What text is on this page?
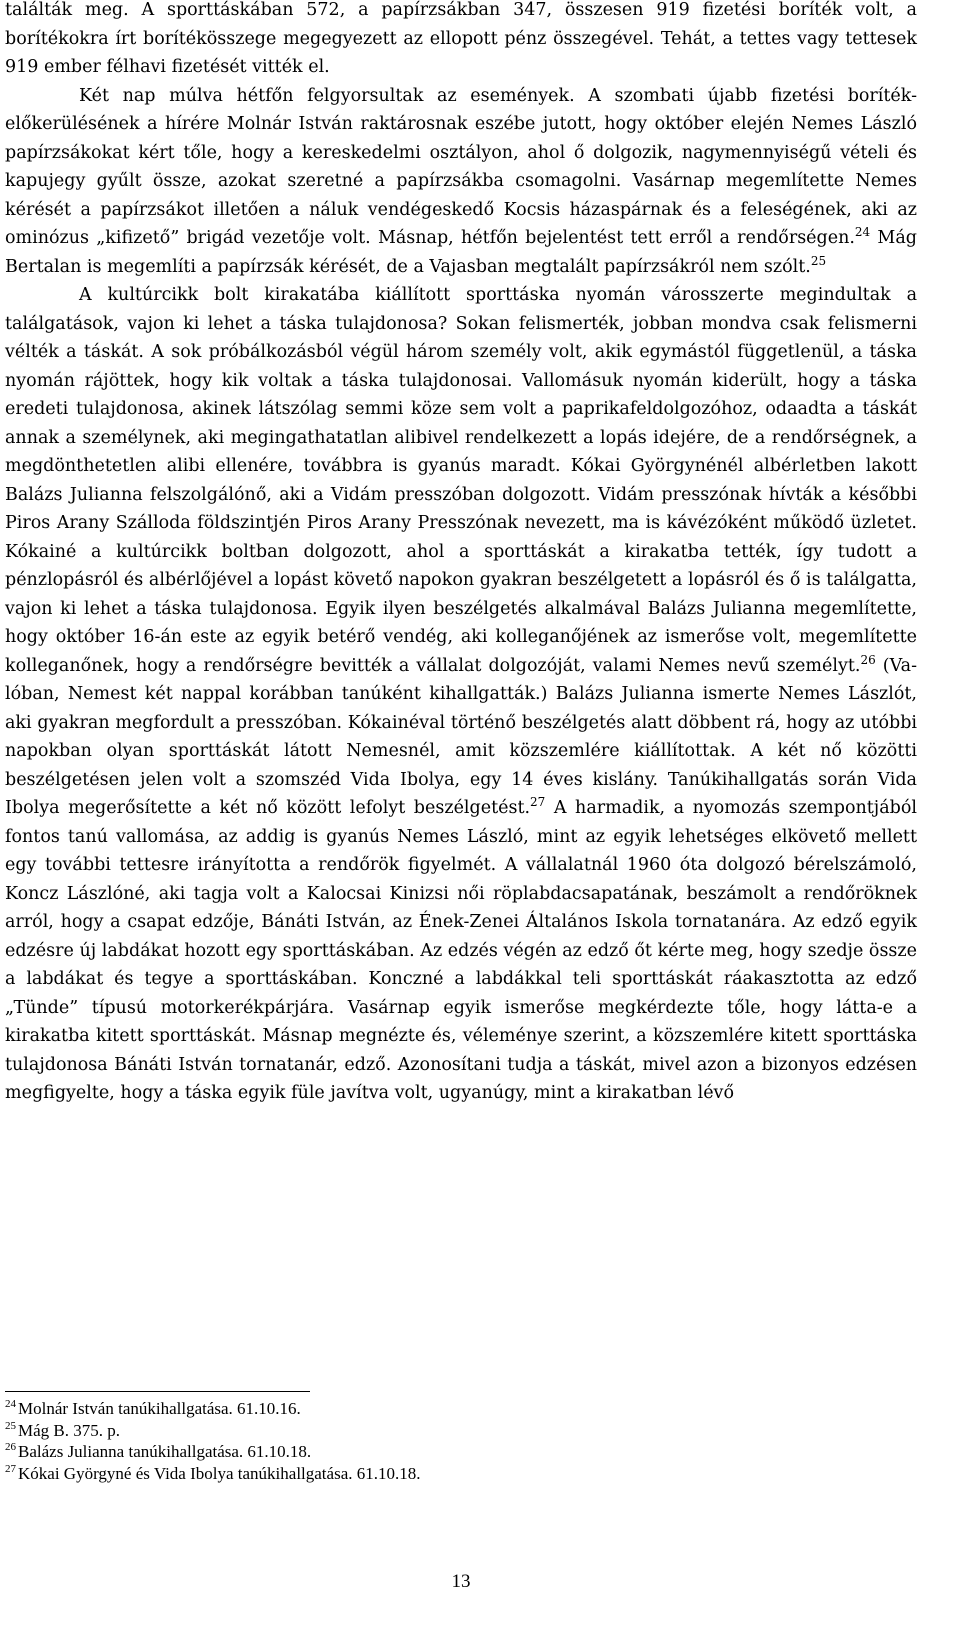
találták meg. A sporttáskában 572, a papírzsákban 347, összesen 919 fizetési boríték volt, a borítékokra írt borítékösszege megegyezett az ellopott pénz összegével. Tehát, a tettes vagy tettesek 919 ember félhavi fizetését vitték el.

Két nap múlva hétfőn felgyorsultak az események. A szombati újabb fizetési boríték-előkerülésének a hírére Molnár István raktárosnak eszébe jutott, hogy október elején Nemes László papírzsákokat kért tőle, hogy a kereskedelmi osztályon, ahol ő dolgozik, nagymennyiségű vételi és kapujegy gyűlt össze, azokat szeretné a papírzsákba csomagolni. Vasárnap megemlítette Nemes kérését a papírzsákot illetően a náluk vendégeskedő Kocsis házaspárnak és a feleségének, aki az ominózus „kifizető” brigád vezetője volt. Másnap, hétfőn bejelentést tett erről a rendőrségen.$^{24}$ Mág Bertalan is megemlíti a papírzsák kérését, de a Vajasban megtalált papírzsákról nem szólt.$^{25}$

A kultúrcikk bolt kirakatába kiállított sporttáska nyomán városszerte megindultak a találgatások, vajon ki lehet a táska tulajdonosa? Sokan felismerték, jobban mondva csak felismerni vélték a táskát. A sok próbálkozásból végül három személy volt, akik egymástól függetlenül, a táska nyomán rájöttek, hogy kik voltak a táska tulajdonosai. Vallomásuk nyomán kiderült, hogy a táska eredeti tulajdonosa, akinek látszólag semmi köze sem volt a paprikafeldolgozóhoz, odaadta a táskát annak a személynek, aki megingathatatlan alibivel rendelkezett a lopás idejére, de a rendőrségnek, a megdönthetetlen alibi ellenére, továbbra is gyanús maradt. Kókai Györgynénél albérletben lakott Balázs Julianna felszolgálónő, aki a Vidám presszóban dolgozott. Vidám presszónak hívták a későbbi Piros Arany Szálloda földszintjén Piros Arany Presszónak nevezett, ma is kávézóként működő üzletet. Kókainé a kultúrcikk boltban dolgozott, ahol a sporttáskát a kirakatba tették, így tudott a pénzlopásról és albérlőjével a lopást követő napokon gyakran beszélgetett a lopásról és ő is találgatta, vajon ki lehet a táska tulajdonosa. Egyik ilyen beszélgetés alkalmával Balázs Julianna megemlítette, hogy október 16-án este az egyik betérő vendég, aki kolleganőjének az ismerőse volt, megemlítette kolleganőnek, hogy a rendőrségre bevitték a vállalat dolgozóját, valami Nemes nevű személyt.$^{26}$ (Valóban, Nemest két nappal korábban tanúként kihallgatták.) Balázs Julianna ismerte Nemes Lászlót, aki gyakran megfordult a presszóban. Kókainéval történő beszélgetés alatt döbbent rá, hogy az utóbbi napokban olyan sporttáskát látott Nemesnél, amit közszemlére kiállítottak. A két nő közötti beszélgetésen jelen volt a szomszéd Vida Ibolya, egy 14 éves kislány. Tanúkihallgatás során Vida Ibolya megerősítette a két nő között lefolyt beszélgetést.$^{27}$ A harmadik, a nyomozás szempontjából fontos tanú vallomása, az addig is gyanús Nemes László, mint az egyik lehetséges elkövető mellett egy további tettesre irányította a rendőrök figyelmét. A vállalatnál 1960 óta dolgozó bérelszámoló, Koncz Lászlóné, aki tagja volt a Kalocsai Kinizsi női röplabdacsapatának, beszámolt a rendőröknek arról, hogy a csapat edzője, Bánáti István, az Ének-Zenei Általános Iskola tornatanára. Az edző egyik edzésre új labdákat hozott egy sporttáskában. Az edzés végén az edző őt kérte meg, hogy szedje össze a labdákat és tegye a sporttáskában. Konczné a labdákkal teli sporttáskát ráakasztotta az edző „Tünde” típusú motorkerékpárjára. Vasárnap egyik ismerőse megkérdezte tőle, hogy látta-e a kirakatba kitett sporttáskát. Másnap megnézte és, véleménye szerint, a közszemlére kitett sporttáska tulajdonosa Bánáti István tornatanár, edző. Azonosítani tudja a táskát, mivel azon a bizonyos edzésen megfigyelte, hogy a táska egyik füle javítva volt, ugyanúgy, mint a kirakatban lévő

$^{24}$ Molnár István tanúkihallgatása. 61.10.16.
$^{25}$ Mág B. 375. p.
$^{26}$ Balázs Julianna tanúkihallgatása. 61.10.18.
$^{27}$ Kókai Györgyné és Vida Ibolya tanúkihallgatása. 61.10.18.
13
